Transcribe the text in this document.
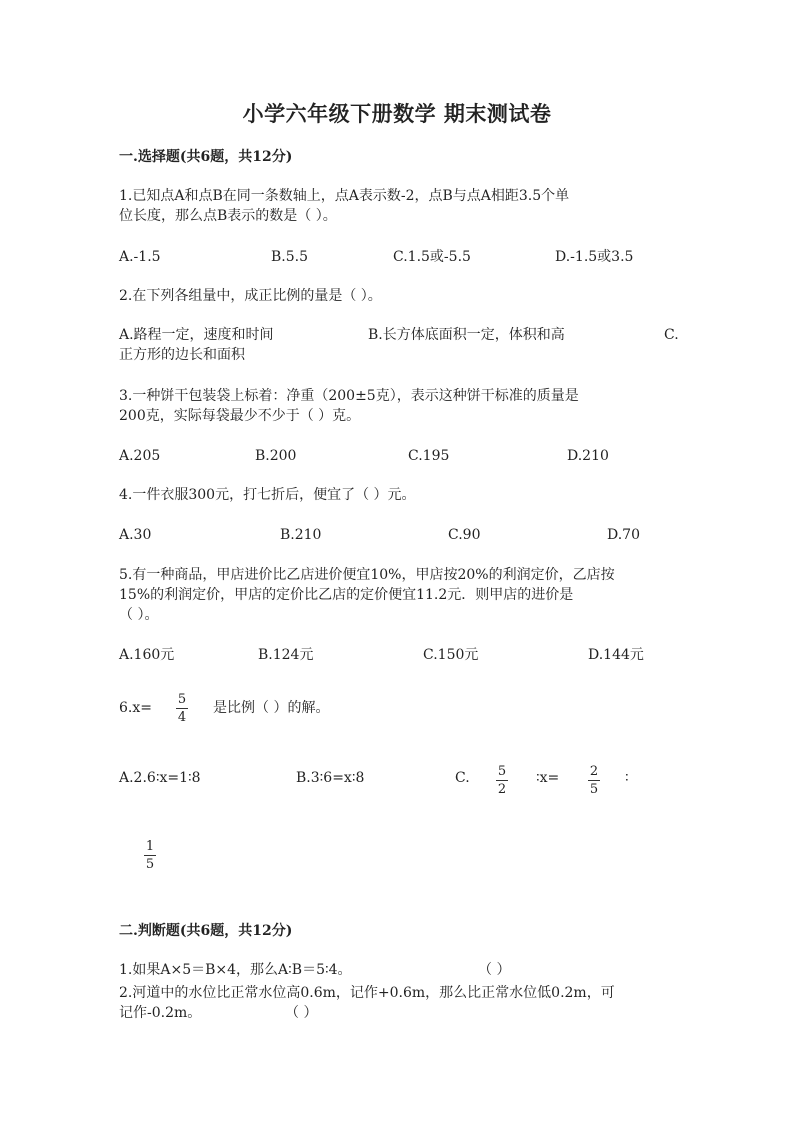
小学六年级下册数学 期末测试卷
一.选择题(共6题，共12分)
1.已知点A和点B在同一条数轴上，点A表示数-2，点B与点A相距3.5个单
位长度，那么点B表示的数是（ ）。
A.-1.5	B.5.5	C.1.5或-5.5	D.-1.5或3.5
2.在下列各组量中，成正比例的量是（ ）。
A.路程一定，速度和时间	B.长方体底面积一定，体积和高	C.
正方形的边长和面积
3.一种饼干包装袋上标着：净重（200±5克），表示这种饼干标准的质量是
200克，实际每袋最少不少于（ ）克。
A.205	B.200	C.195	D.210
4.一件衣服300元，打七折后，便宜了（ ）元。
A.30	B.210	C.90	D.70
5.有一种商品，甲店进价比乙店进价便宜10%，甲店按20%的利润定价，乙店按
15%的利润定价，甲店的定价比乙店的定价便宜11.2元．则甲店的进价是
（ ）。
A.160元	B.124元	C.150元	D.144元
6.x=
5
4
是比例（ ）的解。
A.2.6∶x=1∶8	B.3∶6=x∶8	C.	5
2
∶x=	2
5
∶
1
5
二.判断题(共6题，共12分)
1.如果A×5＝B×4，那么A∶B＝5∶4。	（ ）
2.河道中的水位比正常水位高0.6m，记作+0.6m，那么比正常水位低0.2m，可
记作-0.2m。	（ ）
